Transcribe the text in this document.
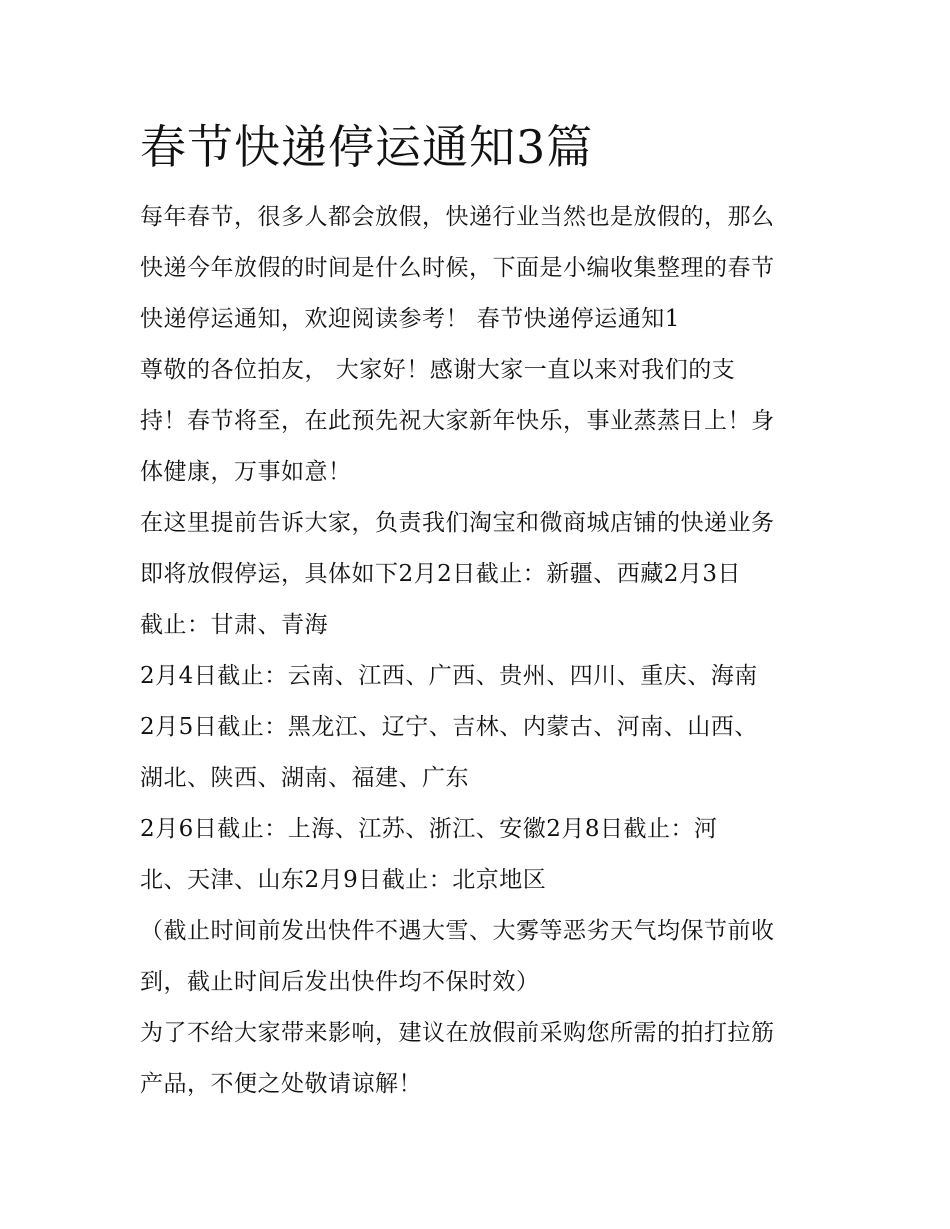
春节快递停运通知3篇
每年春节，很多人都会放假，快递行业当然也是放假的，那么
快递今年放假的时间是什么时候，下面是小编收集整理的春节
快递停运通知，欢迎阅读参考！ 春节快递停运通知1
尊敬的各位拍友， 大家好！感谢大家一直以来对我们的支
持！春节将至，在此预先祝大家新年快乐，事业蒸蒸日上！身
体健康，万事如意！
在这里提前告诉大家，负责我们淘宝和微商城店铺的快递业务
即将放假停运，具体如下2月2日截止：新疆、西藏2月3日
截止：甘肃、青海
2月4日截止：云南、江西、广西、贵州、四川、重庆、海南
2月5日截止：黑龙江、辽宁、吉林、内蒙古、河南、山西、
湖北、陕西、湖南、福建、广东
2月6日截止：上海、江苏、浙江、安徽2月8日截止：河
北、天津、山东2月9日截止：北京地区
（截止时间前发出快件不遇大雪、大雾等恶劣天气均保节前收
到，截止时间后发出快件均不保时效）
为了不给大家带来影响，建议在放假前采购您所需的拍打拉筋
产品，不便之处敬请谅解！
